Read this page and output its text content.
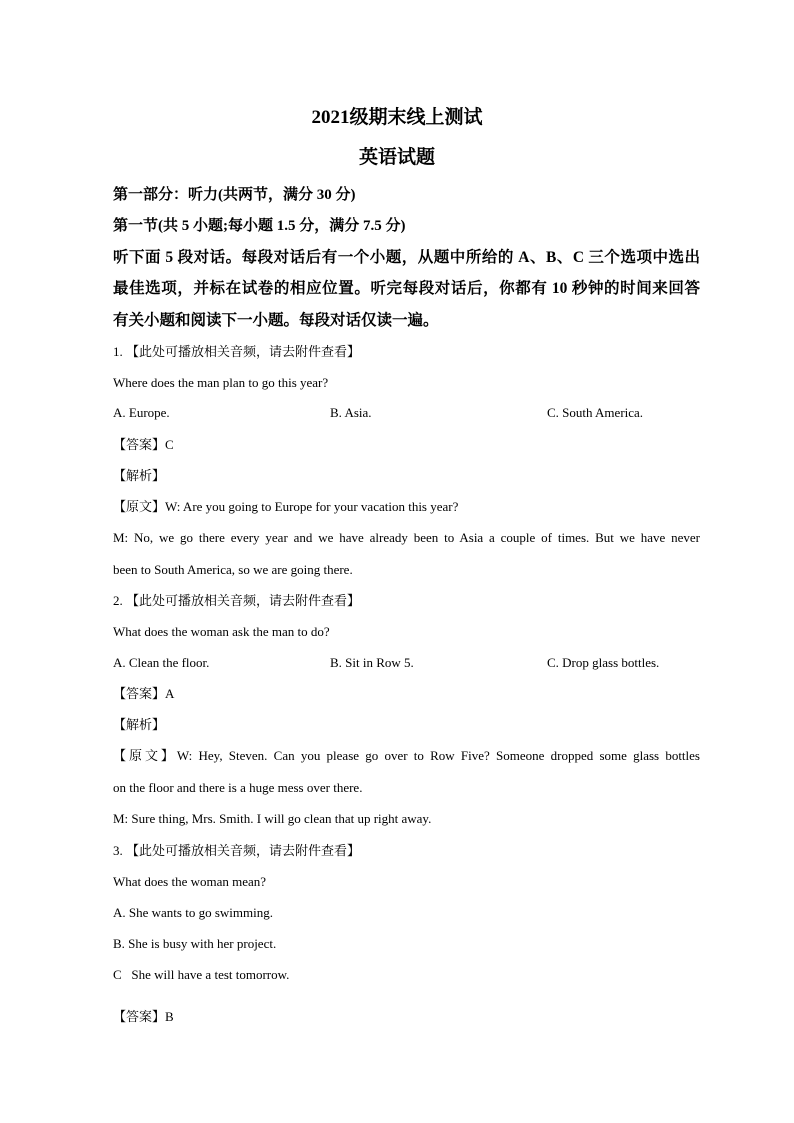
2021级期末线上测试
英语试题
第一部分：听力(共两节，满分 30 分)
第一节(共 5 小题;每小题 1.5 分，满分 7.5 分)
听下面 5 段对话。每段对话后有一个小题，从题中所给的 A、B、C 三个选项中选出
最佳选项，并标在试卷的相应位置。听完每段对话后，你都有 10 秒钟的时间来回答
有关小题和阅读下一小题。每段对话仅读一遍。
1. 【此处可播放相关音频，请去附件查看】
Where does the man plan to go this year?
A. Europe.	B. Asia.	C. South America.
【答案】C
【解析】
【原文】W: Are you going to Europe for your vacation this year?
M: No, we go there every year and we have already been to Asia a couple of times. But we have never
been to South America, so we are going there.
2. 【此处可播放相关音频，请去附件查看】
What does the woman ask the man to do?
A. Clean the floor.	B. Sit in Row 5.	C. Drop glass bottles.
【答案】A
【解析】
【原文】W: Hey, Steven. Can you please go over to Row Five? Someone dropped some glass bottles
on the floor and there is a huge mess over there.
M: Sure thing, Mrs. Smith. I will go clean that up right away.
3. 【此处可播放相关音频，请去附件查看】
What does the woman mean?
A. She wants to go swimming.
B. She is busy with her project.
C   She will have a test tomorrow.
【答案】B
